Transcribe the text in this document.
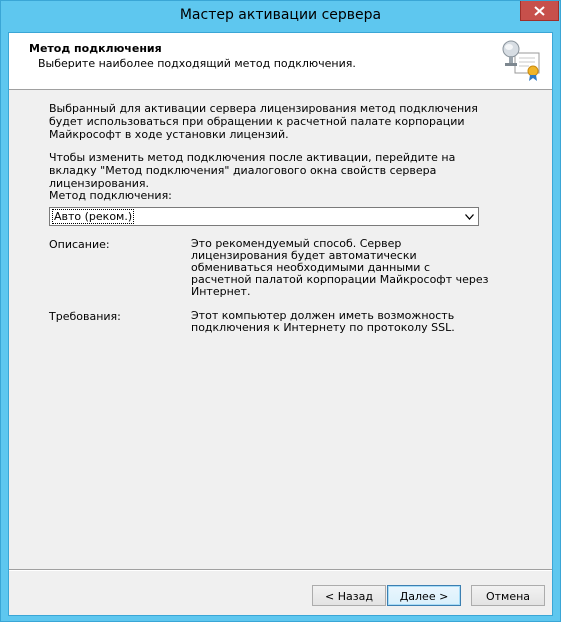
Мастер активации сервера
Метод подключения
Выберите наиболее подходящий метод подключения.
Выбранный для активации сервера лицензирования метод подключения будет использоваться при обращении к расчетной палате корпорации Майкрософт в ходе установки лицензий.
Чтобы изменить метод подключения после активации, перейдите на вкладку "Метод подключения" диалогового окна свойств сервера лицензирования.
Метод подключения:
Авто (реком.)
Описание:	Это рекомендуемый способ. Сервер лицензирования будет автоматически обмениваться необходимыми данными с расчетной палатой корпорации Майкрософт через Интернет.
Требования:	Этот компьютер должен иметь возможность подключения к Интернету по протоколу SSL.
< Назад	Далее >	Отмена
